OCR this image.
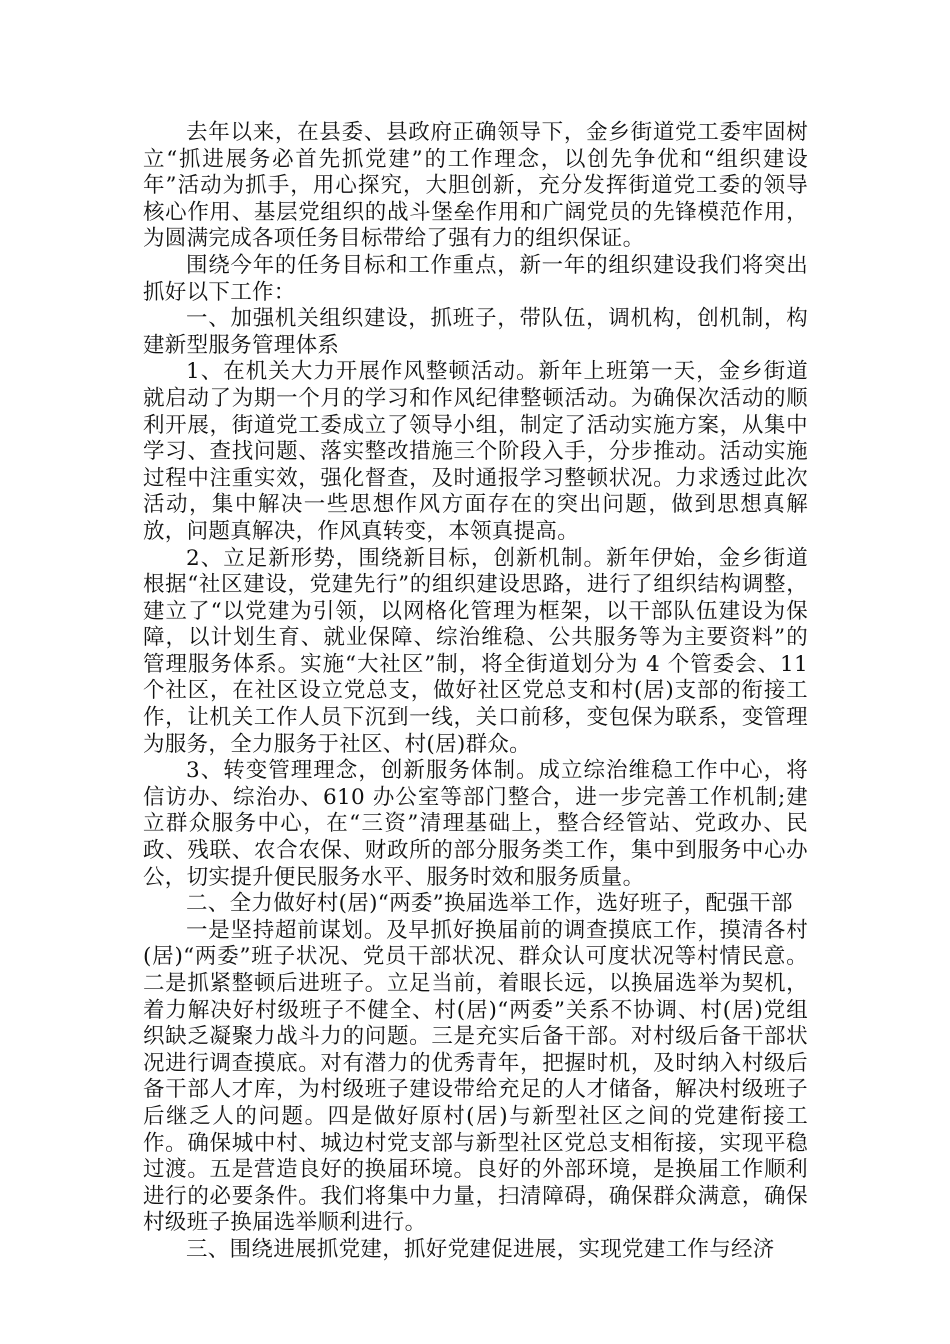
去年以来，在县委、县政府正确领导下，金乡街道党工委牢固树立“抓进展务必首先抓党建”的工作理念，以创先争优和“组织建设年”活动为抓手，用心探究，大胆创新，充分发挥街道党工委的领导核心作用、基层党组织的战斗堡垒作用和广阔党员的先锋模范作用，为圆满完成各项任务目标带给了强有力的组织保证。

围绕今年的任务目标和工作重点，新一年的组织建设我们将突出抓好以下工作：

一、加强机关组织建设，抓班子，带队伍，调机构，创机制，构建新型服务管理体系

1、在机关大力开展作风整顿活动。新年上班第一天，金乡街道就启动了为期一个月的学习和作风纪律整顿活动。为确保次活动的顺利开展，街道党工委成立了领导小组，制定了活动实施方案，从集中学习、查找问题、落实整改措施三个阶段入手，分步推动。活动实施过程中注重实效，强化督查，及时通报学习整顿状况。力求透过此次活动，集中解决一些思想作风方面存在的突出问题，做到思想真解放，问题真解决，作风真转变，本领真提高。

2、立足新形势，围绕新目标，创新机制。新年伊始，金乡街道根据“社区建设，党建先行”的组织建设思路，进行了组织结构调整，建立了“以党建为引领，以网格化管理为框架，以干部队伍建设为保障，以计划生育、就业保障、综治维稳、公共服务等为主要资料”的管理服务体系。实施“大社区”制，将全街道划分为 4 个管委会、11 个社区，在社区设立党总支，做好社区党总支和村(居)支部的衔接工作，让机关工作人员下沉到一线，关口前移，变包保为联系，变管理为服务，全力服务于社区、村(居)群众。

3、转变管理理念，创新服务体制。成立综治维稳工作中心，将信访办、综治办、610 办公室等部门整合，进一步完善工作机制;建立群众服务中心，在“三资”清理基础上，整合经管站、党政办、民政、残联、农合农保、财政所的部分服务类工作，集中到服务中心办公，切实提升便民服务水平、服务时效和服务质量。

二、全力做好村(居)“两委”换届选举工作，选好班子，配强干部

一是坚持超前谋划。及早抓好换届前的调查摸底工作，摸清各村(居)“两委”班子状况、党员干部状况、群众认可度状况等村情民意。二是抓紧整顿后进班子。立足当前，着眼长远，以换届选举为契机，着力解决好村级班子不健全、村(居)“两委”关系不协调、村(居)党组织缺乏凝聚力战斗力的问题。三是充实后备干部。对村级后备干部状况进行调查摸底。对有潜力的优秀青年，把握时机，及时纳入村级后备干部人才库，为村级班子建设带给充足的人才储备，解决村级班子后继乏人的问题。四是做好原村(居)与新型社区之间的党建衔接工作。确保城中村、城边村党支部与新型社区党总支相衔接，实现平稳过渡。五是营造良好的换届环境。良好的外部环境，是换届工作顺利进行的必要条件。我们将集中力量，扫清障碍，确保群众满意，确保村级班子换届选举顺利进行。

三、围绕进展抓党建，抓好党建促进展，实现党建工作与经济
